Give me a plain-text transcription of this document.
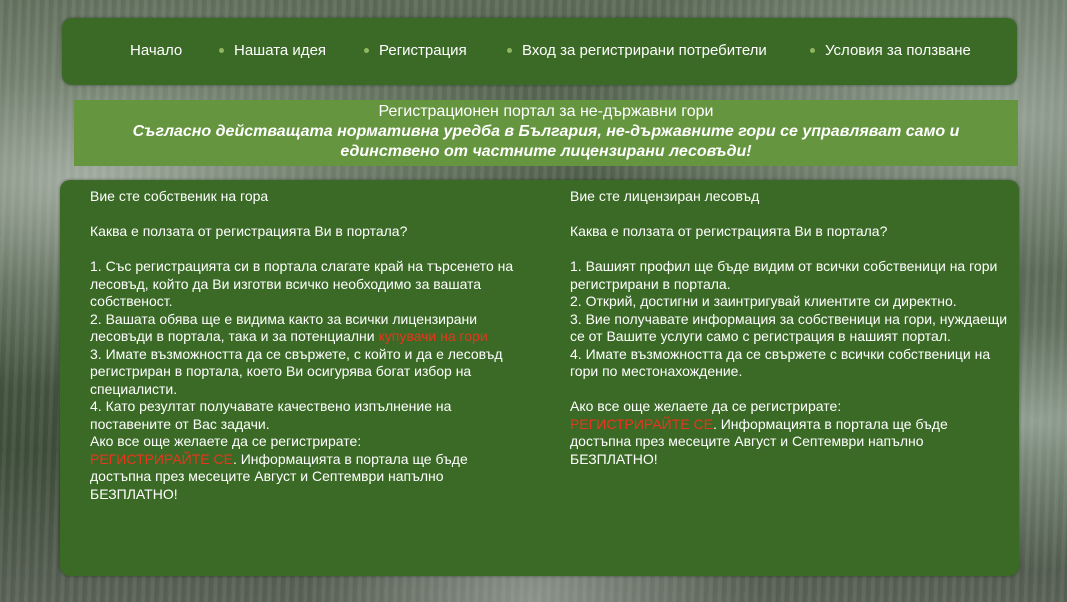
Начало	Нашата идея	Регистрация	Вход за регистрирани потребители	Условия за ползване
Регистрационен портал за не-държавни гори
Съгласно действащата нормативна уредба в България, не-държавните гори се управляват само и единствено от частните лицензирани лесовъди!

Вие сте собственик на гора

Каква е ползата от регистрацията Ви в портала?

1. Със регистрацията си в портала слагате край на търсенето на лесовъд, който да Ви изготви всичко необходимо за вашата собственост.

2. Вашата обява ще е видима както за всички лицензирани лесовъди в портала, така и за потенциални купувачи на гори

3. Имате възможността да се свържете, с който и да е лесовъд регистриран в портала, което Ви осигурява богат избор на специалисти.

4. Като резултат получавате качествено изпълнение на поставените от Вас задачи.

Ако все още желаете да се регистрирате:

РЕГИСТРИРАЙТЕ СЕ. Информацията в портала ще бъде достъпна през месеците Август и Септември напълно БЕЗПЛАТНО!

Вие сте лицензиран лесовъд

Каква е ползата от регистрацията Ви в портала?

1. Вашият профил ще бъде видим от всички собственици на гори регистрирани в портала.

2. Открий, достигни и заинтригувай клиентите си директно.

3. Вие получавате информация за собственици на гори, нуждаещи се от Вашите услуги само с регистрация в нашият портал.

4. Имате възможността да се свържете с всички собственици на гори по местонахождение.

Ако все още желаете да се регистрирате:

РЕГИСТРИРАЙТЕ СЕ. Информацията в портала ще бъде достъпна през месеците Август и Септември напълно БЕЗПЛАТНО!
